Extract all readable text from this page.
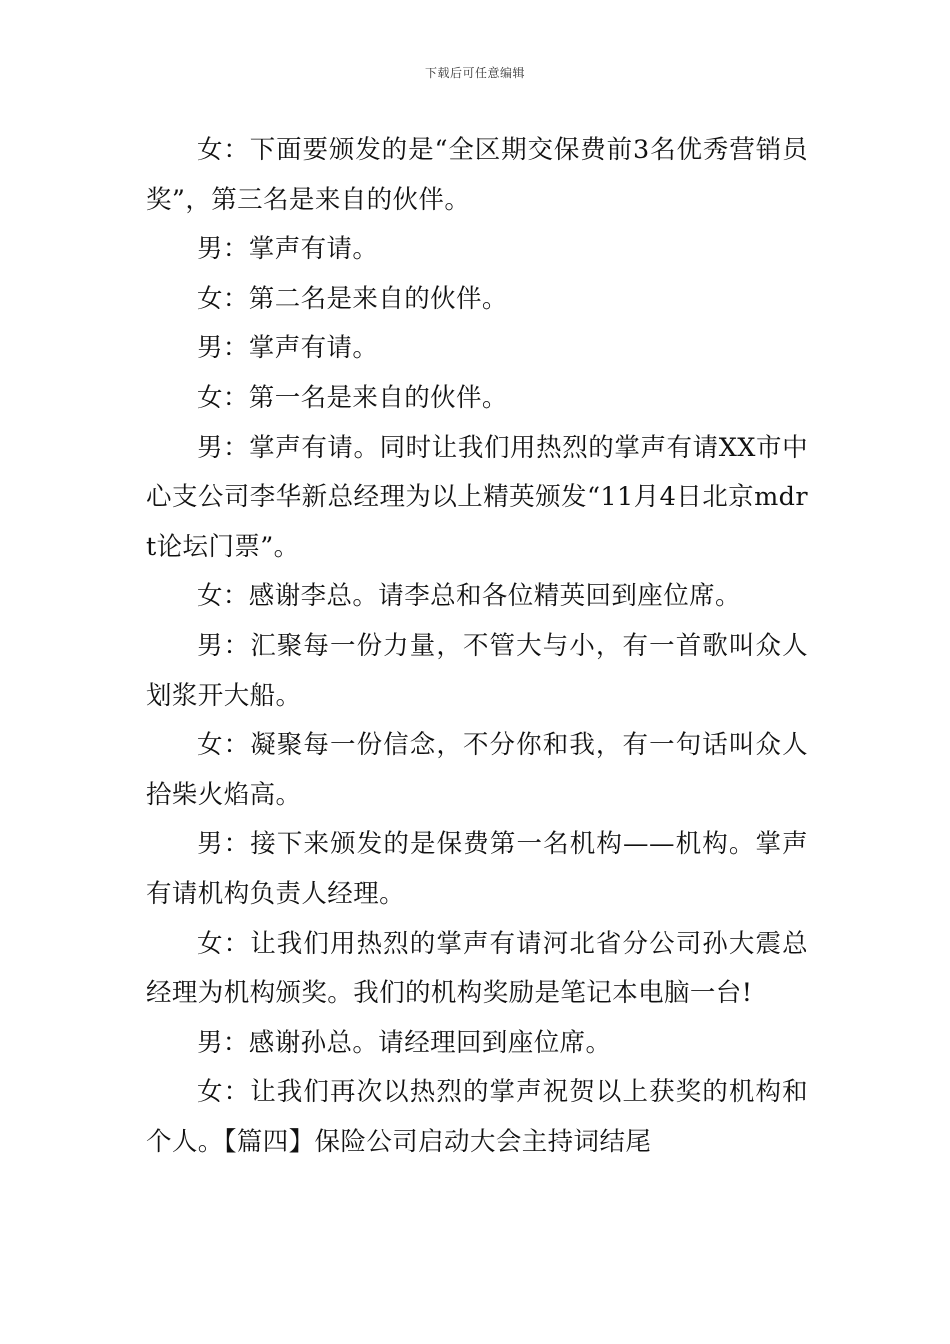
下载后可任意编辑

女：下面要颁发的是“全区期交保费前3名优秀营销员奖”，第三名是来自的伙伴。

男：掌声有请。

女：第二名是来自的伙伴。

男：掌声有请。

女：第一名是来自的伙伴。

男：掌声有请。同时让我们用热烈的掌声有请XX市中心支公司李华新总经理为以上精英颁发“11月4日北京mdrt论坛门票”。

女：感谢李总。请李总和各位精英回到座位席。

男：汇聚每一份力量，不管大与小，有一首歌叫众人划浆开大船。

女：凝聚每一份信念，不分你和我，有一句话叫众人拾柴火焰高。

男：接下来颁发的是保费第一名机构——机构。掌声有请机构负责人经理。

女：让我们用热烈的掌声有请河北省分公司孙大震总经理为机构颁奖。我们的机构奖励是笔记本电脑一台!

男：感谢孙总。请经理回到座位席。

女：让我们再次以热烈的掌声祝贺以上获奖的机构和个人。【篇四】保险公司启动大会主持词结尾
